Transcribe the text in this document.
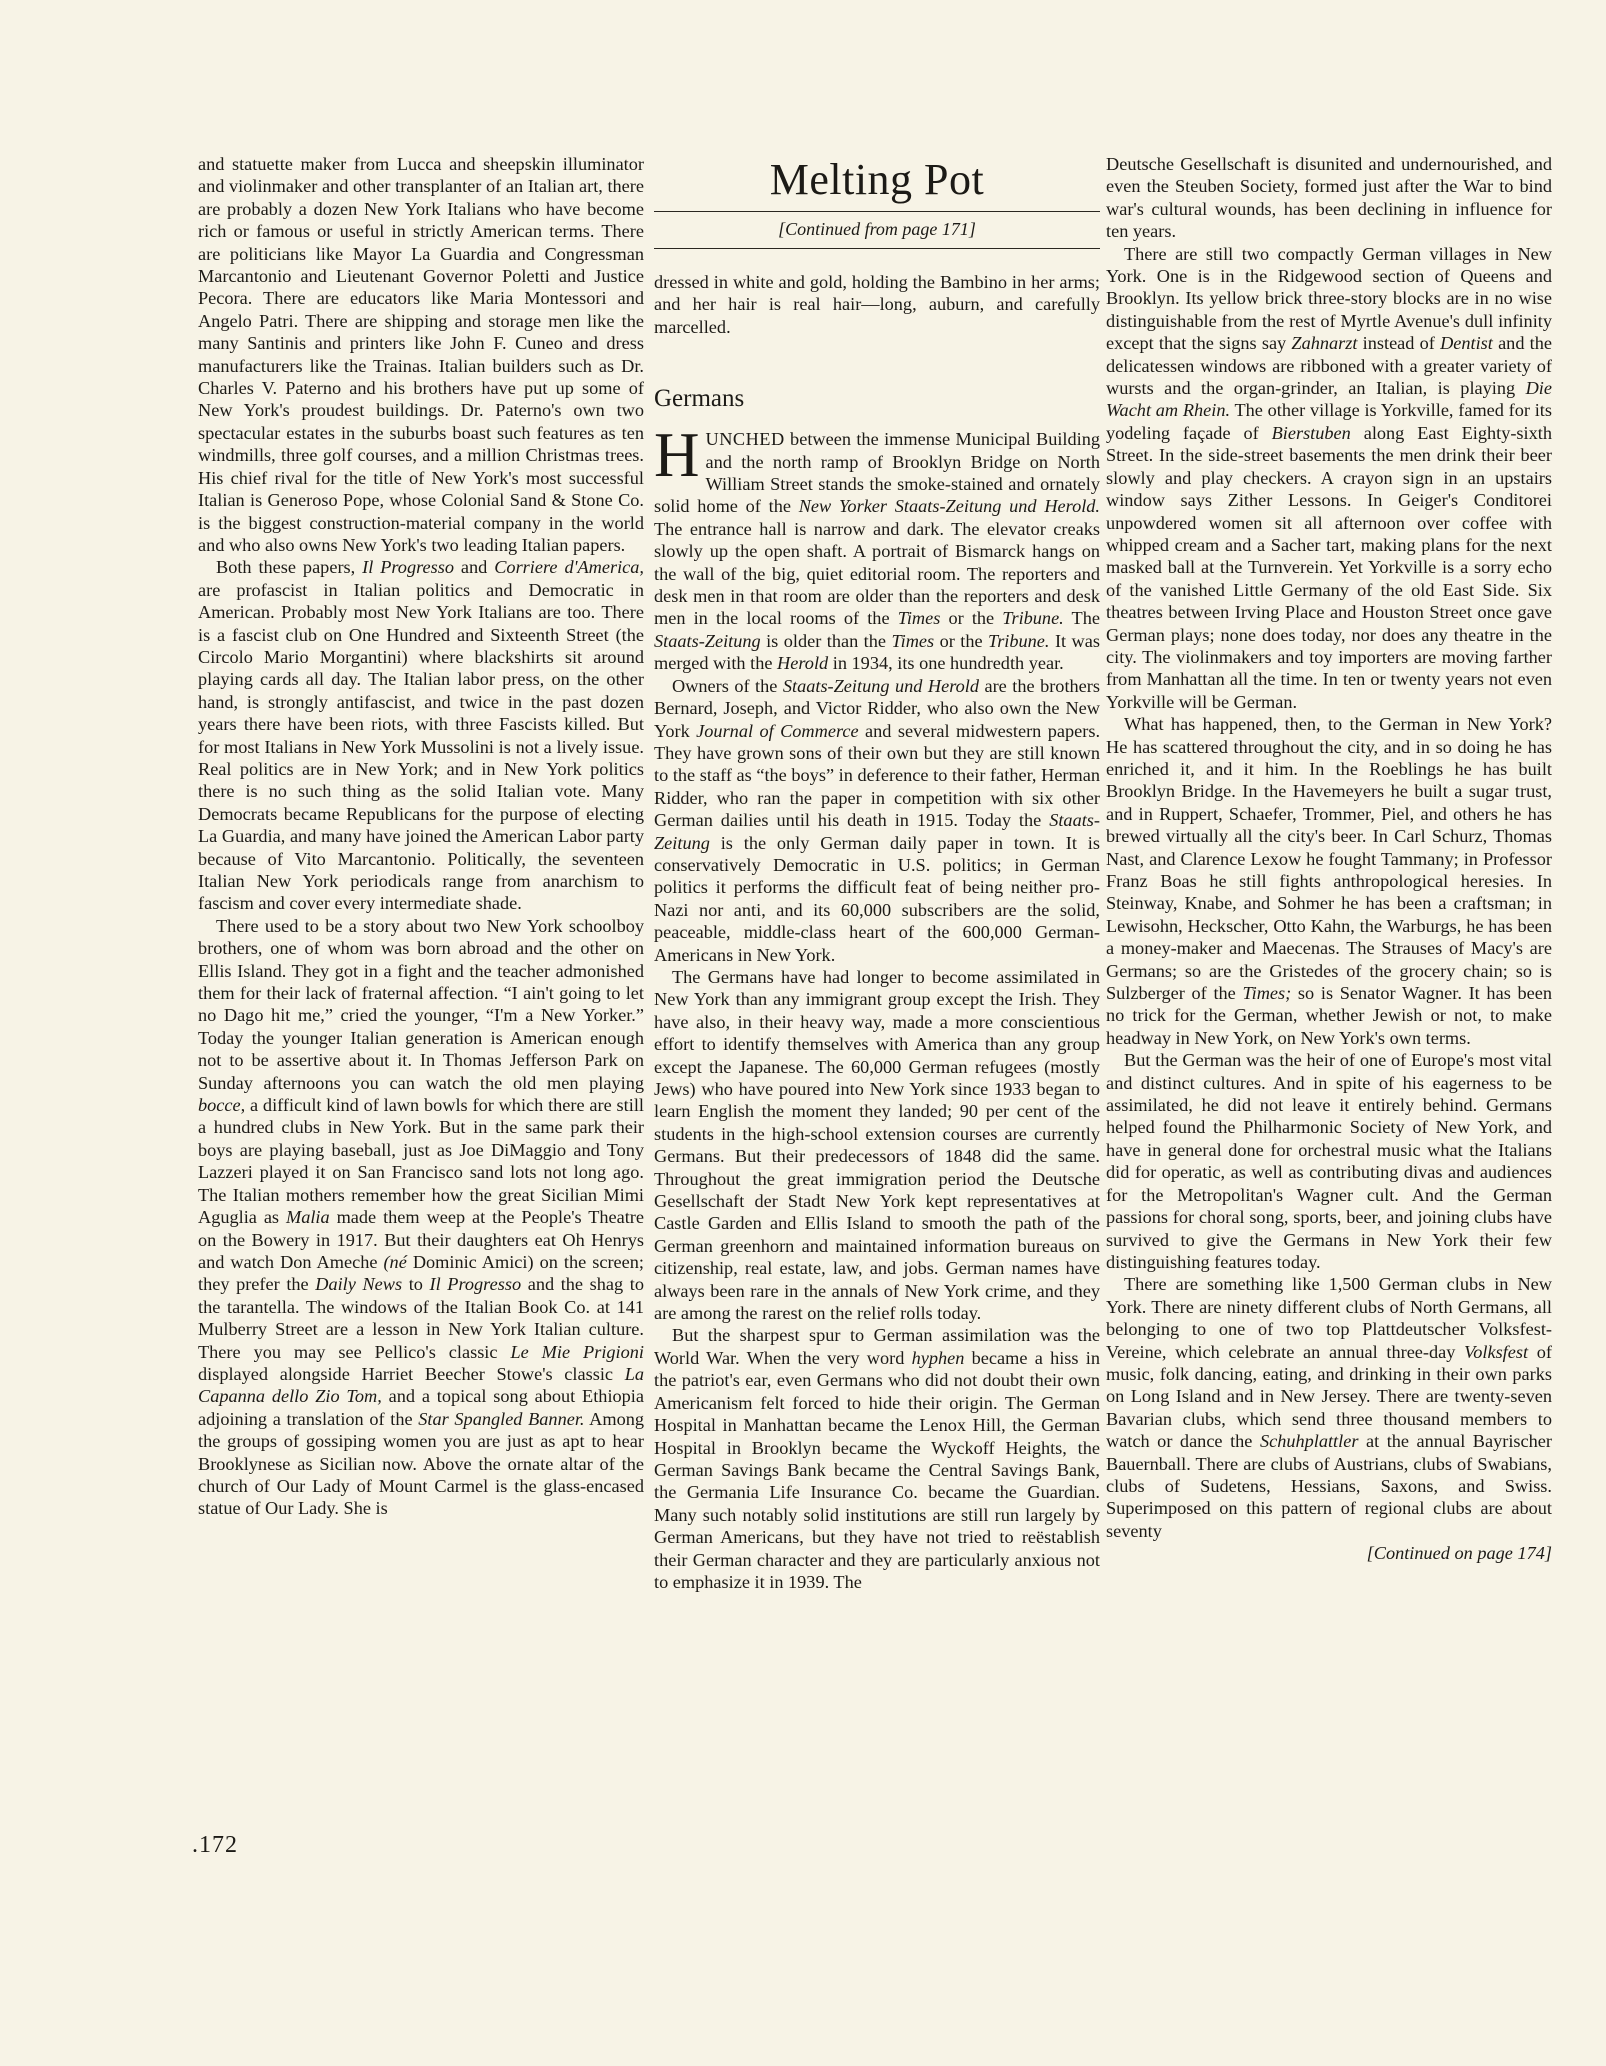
and statuette maker from Lucca and sheepskin illuminator and violinmaker and other transplanter of an Italian art, there are probably a dozen New York Italians who have become rich or famous or useful in strictly American terms. There are politicians like Mayor La Guardia and Congressman Marcantonio and Lieutenant Governor Poletti and Justice Pecora. There are educators like Maria Montessori and Angelo Patri. There are shipping and storage men like the many Santinis and printers like John F. Cuneo and dress manufacturers like the Trainas. Italian builders such as Dr. Charles V. Paterno and his brothers have put up some of New York's proudest buildings. Dr. Paterno's own two spectacular estates in the suburbs boast such features as ten windmills, three golf courses, and a million Christmas trees. His chief rival for the title of New York's most successful Italian is Generoso Pope, whose Colonial Sand & Stone Co. is the biggest construction-material company in the world and who also owns New York's two leading Italian papers.

Both these papers, Il Progresso and Corriere d'America, are profascist in Italian politics and Democratic in American. Probably most New York Italians are too. There is a fascist club on One Hundred and Sixteenth Street (the Circolo Mario Morgantini) where blackshirts sit around playing cards all day. The Italian labor press, on the other hand, is strongly antifascist, and twice in the past dozen years there have been riots, with three Fascists killed. But for most Italians in New York Mussolini is not a lively issue. Real politics are in New York; and in New York politics there is no such thing as the solid Italian vote. Many Democrats became Republicans for the purpose of electing La Guardia, and many have joined the American Labor party because of Vito Marcantonio. Politically, the seventeen Italian New York periodicals range from anarchism to fascism and cover every intermediate shade.

There used to be a story about two New York schoolboy brothers, one of whom was born abroad and the other on Ellis Island. They got in a fight and the teacher admonished them for their lack of fraternal affection. “I ain't going to let no Dago hit me,” cried the younger, “I'm a New Yorker.” Today the younger Italian generation is American enough not to be assertive about it. In Thomas Jefferson Park on Sunday afternoons you can watch the old men playing bocce, a difficult kind of lawn bowls for which there are still a hundred clubs in New York. But in the same park their boys are playing baseball, just as Joe DiMaggio and Tony Lazzeri played it on San Francisco sand lots not long ago. The Italian mothers remember how the great Sicilian Mimi Aguglia as Malia made them weep at the People's Theatre on the Bowery in 1917. But their daughters eat Oh Henrys and watch Don Ameche (né Dominic Amici) on the screen; they prefer the Daily News to Il Progresso and the shag to the tarantella. The windows of the Italian Book Co. at 141 Mulberry Street are a lesson in New York Italian culture. There you may see Pellico's classic Le Mie Prigioni displayed alongside Harriet Beecher Stowe's classic La Capanna dello Zio Tom, and a topical song about Ethiopia adjoining a translation of the Star Spangled Banner. Among the groups of gossiping women you are just as apt to hear Brooklynese as Sicilian now. Above the ornate altar of the church of Our Lady of Mount Carmel is the glass-encased statue of Our Lady. She is

Melting Pot
[Continued from page 171]

dressed in white and gold, holding the Bambino in her arms; and her hair is real hair—long, auburn, and carefully marcelled.

Germans

HUNCHED between the immense Municipal Building and the north ramp of Brooklyn Bridge on North William Street stands the smoke-stained and ornately solid home of the New Yorker Staats-Zeitung und Herold. The entrance hall is narrow and dark. The elevator creaks slowly up the open shaft. A portrait of Bismarck hangs on the wall of the big, quiet editorial room. The reporters and desk men in that room are older than the reporters and desk men in the local rooms of the Times or the Tribune. The Staats-Zeitung is older than the Times or the Tribune. It was merged with the Herold in 1934, its one hundredth year.

Owners of the Staats-Zeitung und Herold are the brothers Bernard, Joseph, and Victor Ridder, who also own the New York Journal of Commerce and several midwestern papers. They have grown sons of their own but they are still known to the staff as “the boys” in deference to their father, Herman Ridder, who ran the paper in competition with six other German dailies until his death in 1915. Today the Staats-Zeitung is the only German daily paper in town. It is conservatively Democratic in U.S. politics; in German politics it performs the difficult feat of being neither pro-Nazi nor anti, and its 60,000 subscribers are the solid, peaceable, middle-class heart of the 600,000 German-Americans in New York.

The Germans have had longer to become assimilated in New York than any immigrant group except the Irish. They have also, in their heavy way, made a more conscientious effort to identify themselves with America than any group except the Japanese. The 60,000 German refugees (mostly Jews) who have poured into New York since 1933 began to learn English the moment they landed; 90 per cent of the students in the high-school extension courses are currently Germans. But their predecessors of 1848 did the same. Throughout the great immigration period the Deutsche Gesellschaft der Stadt New York kept representatives at Castle Garden and Ellis Island to smooth the path of the German greenhorn and maintained information bureaus on citizenship, real estate, law, and jobs. German names have always been rare in the annals of New York crime, and they are among the rarest on the relief rolls today.

But the sharpest spur to German assimilation was the World War. When the very word hyphen became a hiss in the patriot's ear, even Germans who did not doubt their own Americanism felt forced to hide their origin. The German Hospital in Manhattan became the Lenox Hill, the German Hospital in Brooklyn became the Wyckoff Heights, the German Savings Bank became the Central Savings Bank, the Germania Life Insurance Co. became the Guardian. Many such notably solid institutions are still run largely by German Americans, but they have not tried to reëstablish their German character and they are particularly anxious not to emphasize it in 1939. The

Deutsche Gesellschaft is disunited and undernourished, and even the Steuben Society, formed just after the War to bind war's cultural wounds, has been declining in influence for ten years.

There are still two compactly German villages in New York. One is in the Ridgewood section of Queens and Brooklyn. Its yellow brick three-story blocks are in no wise distinguishable from the rest of Myrtle Avenue's dull infinity except that the signs say Zahnarzt instead of Dentist and the delicatessen windows are ribboned with a greater variety of wursts and the organ-grinder, an Italian, is playing Die Wacht am Rhein. The other village is Yorkville, famed for its yodeling façade of Bierstuben along East Eighty-sixth Street. In the side-street basements the men drink their beer slowly and play checkers. A crayon sign in an upstairs window says Zither Lessons. In Geiger's Conditorei unpowdered women sit all afternoon over coffee with whipped cream and a Sacher tart, making plans for the next masked ball at the Turnverein. Yet Yorkville is a sorry echo of the vanished Little Germany of the old East Side. Six theatres between Irving Place and Houston Street once gave German plays; none does today, nor does any theatre in the city. The violinmakers and toy importers are moving farther from Manhattan all the time. In ten or twenty years not even Yorkville will be German.

What has happened, then, to the German in New York? He has scattered throughout the city, and in so doing he has enriched it, and it him. In the Roeblings he has built Brooklyn Bridge. In the Havemeyers he built a sugar trust, and in Ruppert, Schaefer, Trommer, Piel, and others he has brewed virtually all the city's beer. In Carl Schurz, Thomas Nast, and Clarence Lexow he fought Tammany; in Professor Franz Boas he still fights anthropological heresies. In Steinway, Knabe, and Sohmer he has been a craftsman; in Lewisohn, Heckscher, Otto Kahn, the Warburgs, he has been a money-maker and Maecenas. The Strauses of Macy's are Germans; so are the Gristedes of the grocery chain; so is Sulzberger of the Times; so is Senator Wagner. It has been no trick for the German, whether Jewish or not, to make headway in New York, on New York's own terms.

But the German was the heir of one of Europe's most vital and distinct cultures. And in spite of his eagerness to be assimilated, he did not leave it entirely behind. Germans helped found the Philharmonic Society of New York, and have in general done for orchestral music what the Italians did for operatic, as well as contributing divas and audiences for the Metropolitan's Wagner cult. And the German passions for choral song, sports, beer, and joining clubs have survived to give the Germans in New York their few distinguishing features today.

There are something like 1,500 German clubs in New York. There are ninety different clubs of North Germans, all belonging to one of two top Plattdeutscher Volksfest-Vereine, which celebrate an annual three-day Volksfest of music, folk dancing, eating, and drinking in their own parks on Long Island and in New Jersey. There are twenty-seven Bavarian clubs, which send three thousand members to watch or dance the Schuhplattler at the annual Bayrischer Bauernball. There are clubs of Austrians, clubs of Swabians, clubs of Sudetens, Hessians, Saxons, and Swiss. Superimposed on this pattern of regional clubs are about seventy

[Continued on page 174]

.172
